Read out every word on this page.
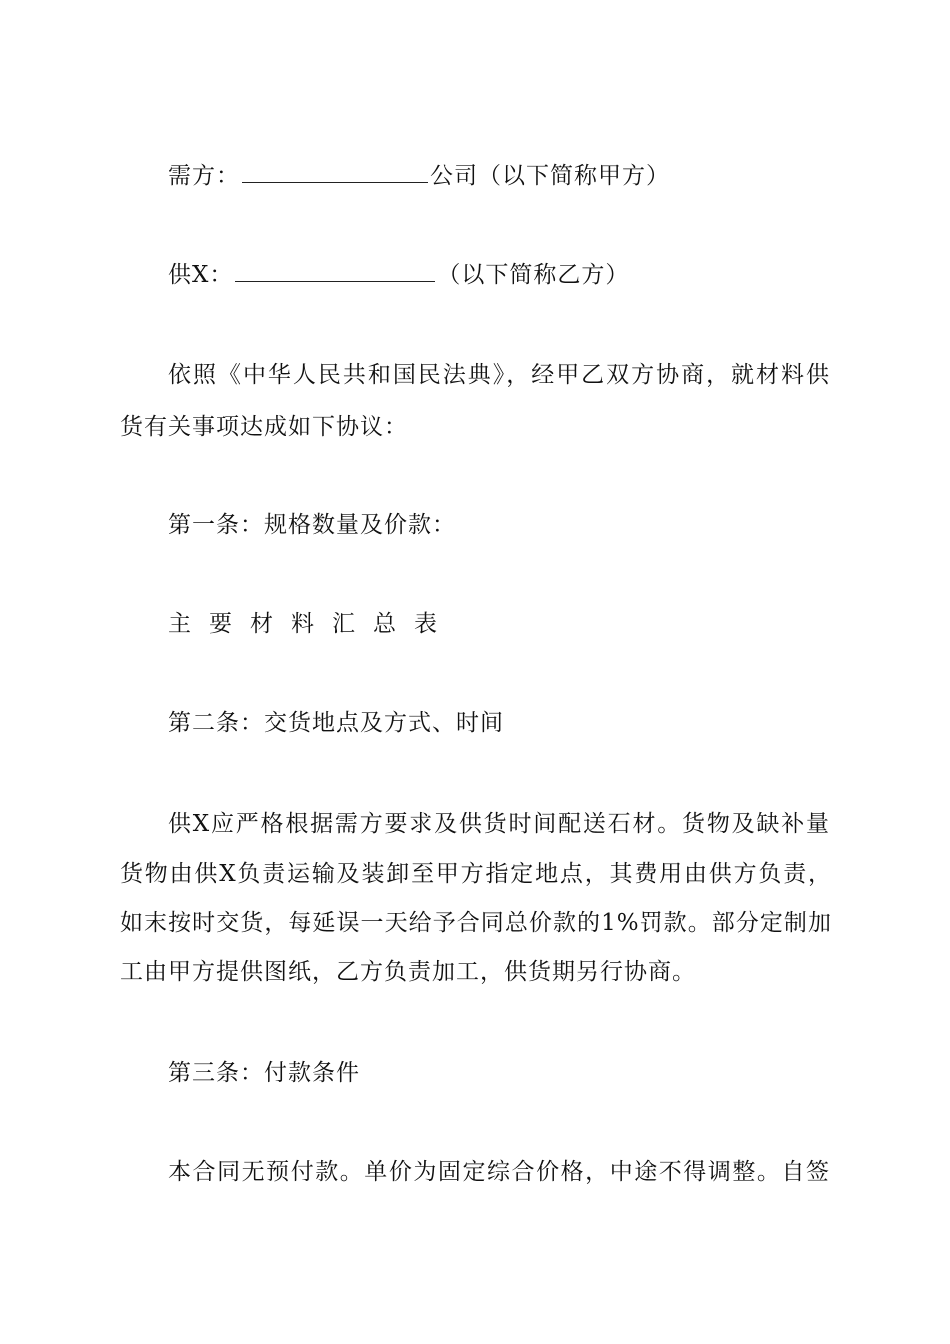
需方：	公司（以下简称甲方）
供X：	（以下简称乙方）
依照《中华人民共和国民法典》，经甲乙双方协商，就材料供
货有关事项达成如下协议：
第一条：规格数量及价款：
主要材料汇总表
第二条：交货地点及方式、时间
供X应严格根据需方要求及供货时间配送石材。货物及缺补量
货物由供X负责运输及装卸至甲方指定地点，其费用由供方负责，
如末按时交货，每延误一天给予合同总价款的1%罚款。部分定制加
工由甲方提供图纸，乙方负责加工，供货期另行协商。
第三条：付款条件
本合同无预付款。单价为固定综合价格，中途不得调整。自签
